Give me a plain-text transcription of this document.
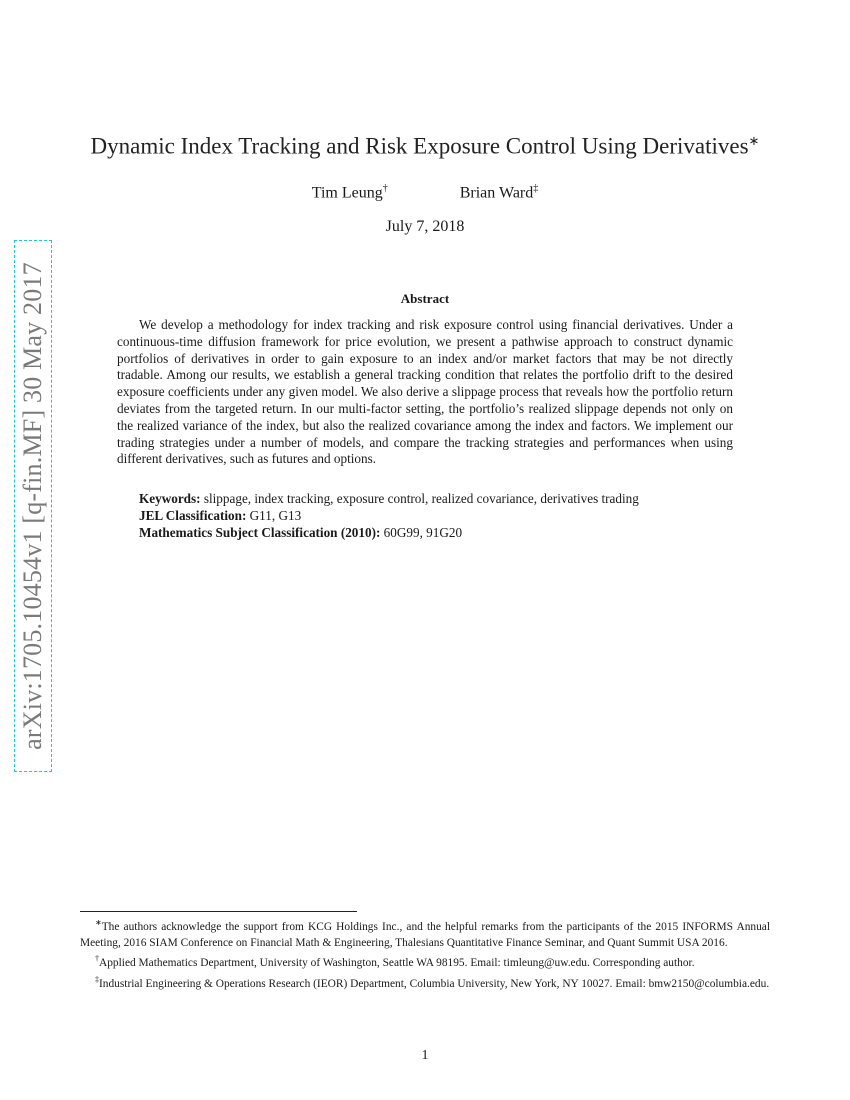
arXiv:1705.10454v1 [q-fin.MF] 30 May 2017
Dynamic Index Tracking and Risk Exposure Control Using Derivatives∗
Tim Leung†	Brian Ward‡
July 7, 2018
Abstract

We develop a methodology for index tracking and risk exposure control using financial derivatives. Under a continuous-time diffusion framework for price evolution, we present a pathwise approach to construct dynamic portfolios of derivatives in order to gain exposure to an index and/or market factors that may be not directly tradable. Among our results, we establish a general tracking condition that relates the portfolio drift to the desired exposure coefficients under any given model. We also derive a slippage process that reveals how the portfolio return deviates from the targeted return. In our multi-factor setting, the portfolio’s realized slippage depends not only on the realized variance of the index, but also the realized covariance among the index and factors. We implement our trading strategies under a number of models, and compare the tracking strategies and performances when using different derivatives, such as futures and options.

Keywords: slippage, index tracking, exposure control, realized covariance, derivatives trading
JEL Classification: G11, G13
Mathematics Subject Classification (2010): 60G99, 91G20

∗The authors acknowledge the support from KCG Holdings Inc., and the helpful remarks from the participants of the 2015 INFORMS Annual Meeting, 2016 SIAM Conference on Financial Math & Engineering, Thalesians Quantitative Finance Seminar, and Quant Summit USA 2016.

†Applied Mathematics Department, University of Washington, Seattle WA 98195. Email: timleung@uw.edu. Corresponding author.

‡Industrial Engineering & Operations Research (IEOR) Department, Columbia University, New York, NY 10027. Email: bmw2150@columbia.edu.

1
